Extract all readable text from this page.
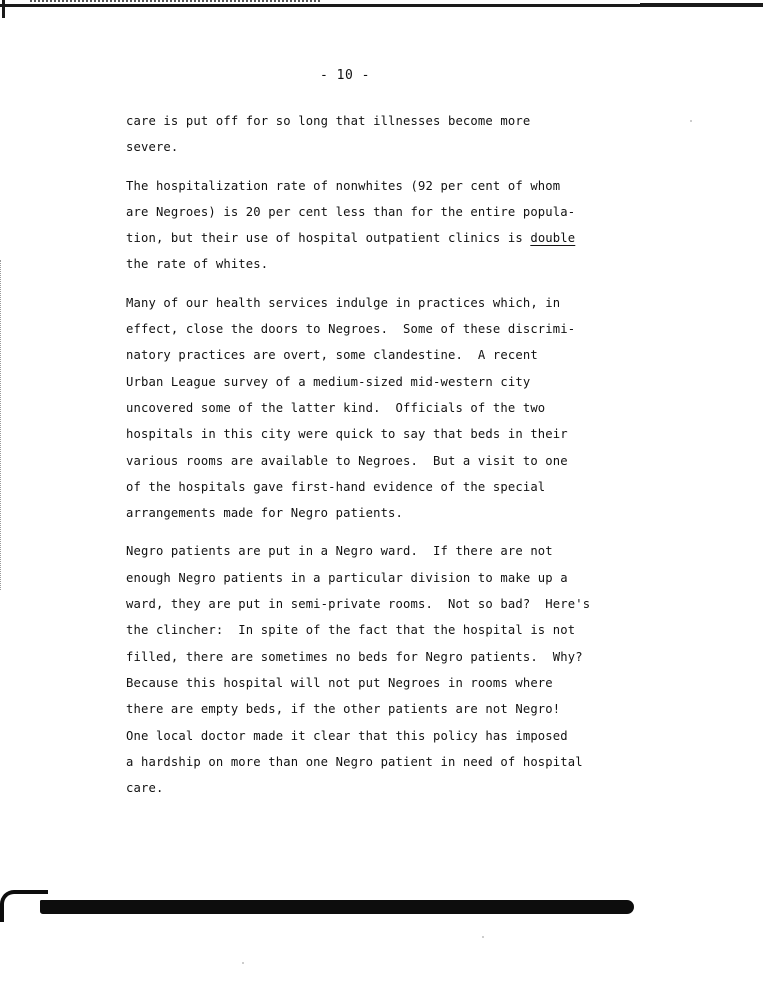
- 10 -
care is put off for so long that illnesses become more
severe.
The hospitalization rate of nonwhites (92 per cent of whom
are Negroes) is 20 per cent less than for the entire popula-
tion, but their use of hospital outpatient clinics is double
the rate of whites.
Many of our health services indulge in practices which, in
effect, close the doors to Negroes.  Some of these discrimi-
natory practices are overt, some clandestine.  A recent
Urban League survey of a medium-sized mid-western city
uncovered some of the latter kind.  Officials of the two
hospitals in this city were quick to say that beds in their
various rooms are available to Negroes.  But a visit to one
of the hospitals gave first-hand evidence of the special
arrangements made for Negro patients.
Negro patients are put in a Negro ward.  If there are not
enough Negro patients in a particular division to make up a
ward, they are put in semi-private rooms.  Not so bad?  Here's
the clincher:  In spite of the fact that the hospital is not
filled, there are sometimes no beds for Negro patients.  Why?
Because this hospital will not put Negroes in rooms where
there are empty beds, if the other patients are not Negro!
One local doctor made it clear that this policy has imposed
a hardship on more than one Negro patient in need of hospital
care.
